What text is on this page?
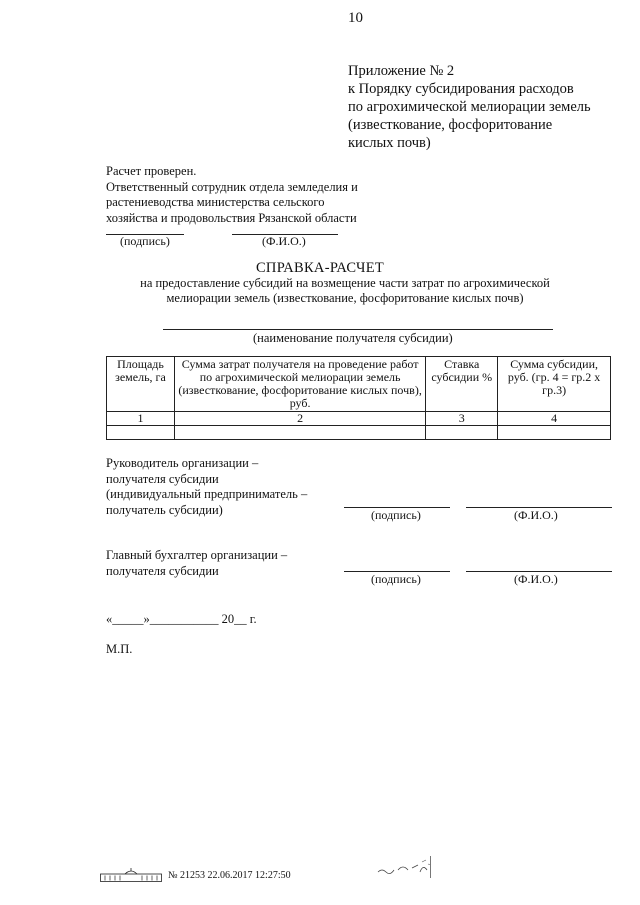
10
Приложение № 2
к Порядку субсидирования расходов
по агрохимической мелиорации земель
(известкование, фосфоритование
кислых почв)
Расчет проверен.
Ответственный сотрудник отдела земледелия и
растениеводства министерства сельского
хозяйства и продовольствия Рязанской области
(подпись)	(Ф.И.О.)
СПРАВКА-РАСЧЕТ
на предоставление субсидий на возмещение части затрат по агрохимической мелиорации земель (известкование, фосфоритование кислых почв)
(наименование получателя субсидии)
Площадь земель, га	Сумма затрат получателя на проведение работ по агрохимической мелиорации земель (известкование, фосфоритование кислых почв), руб.	Ставка субсидии %	Сумма субсидии, руб. (гр. 4 = гр.2 х гр.3)
1	2	3	4

Руководитель организации –
получателя субсидии
(индивидуальный предприниматель –
получатель субсидии)	(подпись)	(Ф.И.О.)
Главный бухгалтер организации –
получателя субсидии
(подпись)	(Ф.И.О.)
«_____»___________ 20__ г.
М.П.
№ 21253 22.06.2017 12:27:50
